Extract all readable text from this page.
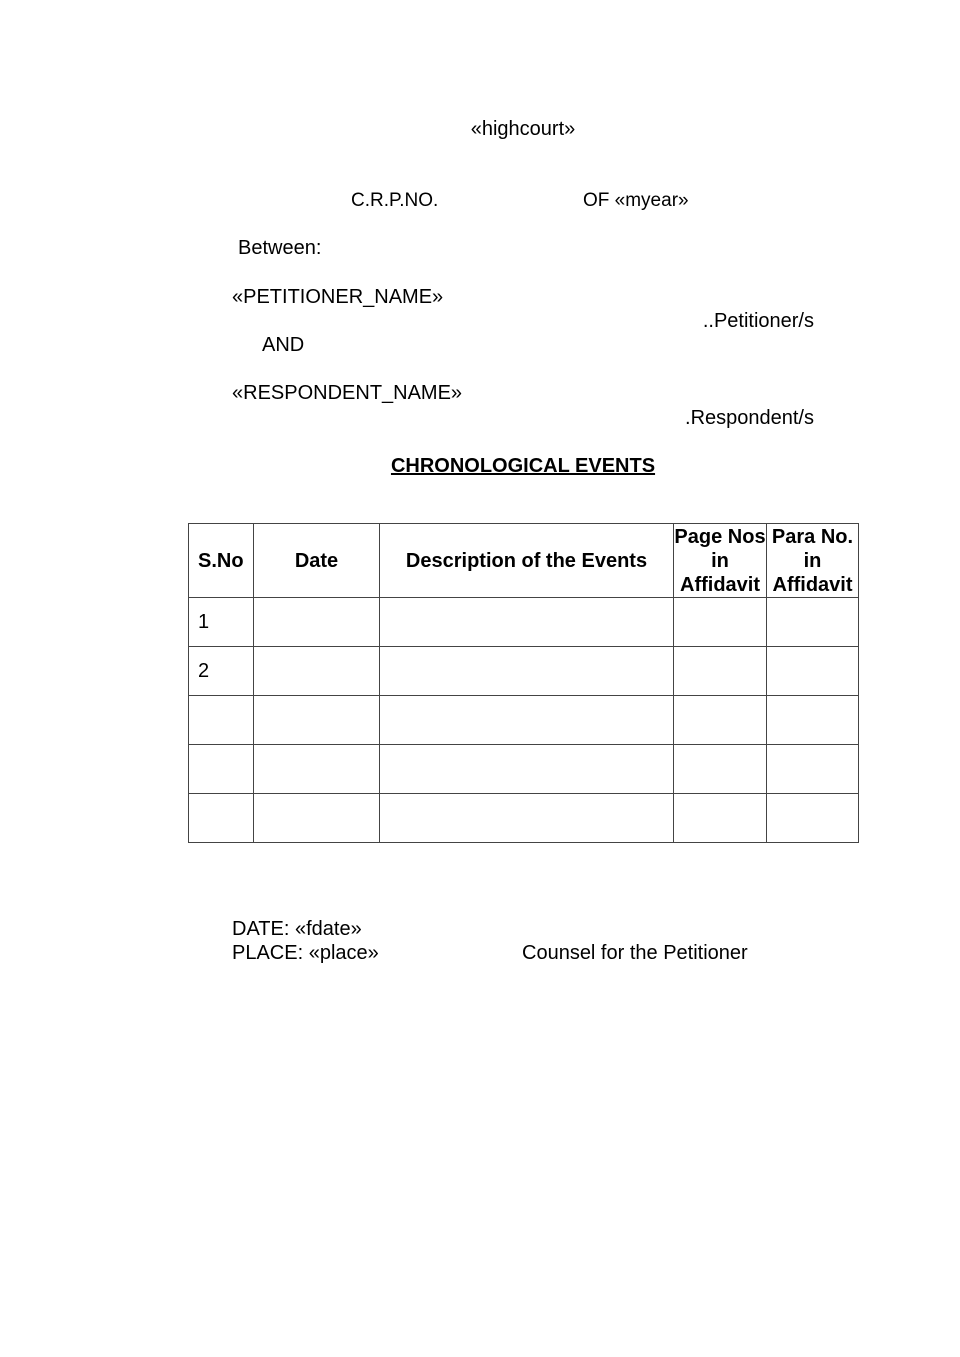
«highcourt»
C.R.P.NO.	OF «myear»
Between:
«PETITIONER_NAME»
..Petitioner/s
AND
«RESPONDENT_NAME»
.Respondent/s
CHRONOLOGICAL EVENTS
S.No	Date	Description of the Events	Page Nos in Affidavit	Para No. in Affidavit
1				
2				

DATE: «fdate»
PLACE: «place»	Counsel for the Petitioner
